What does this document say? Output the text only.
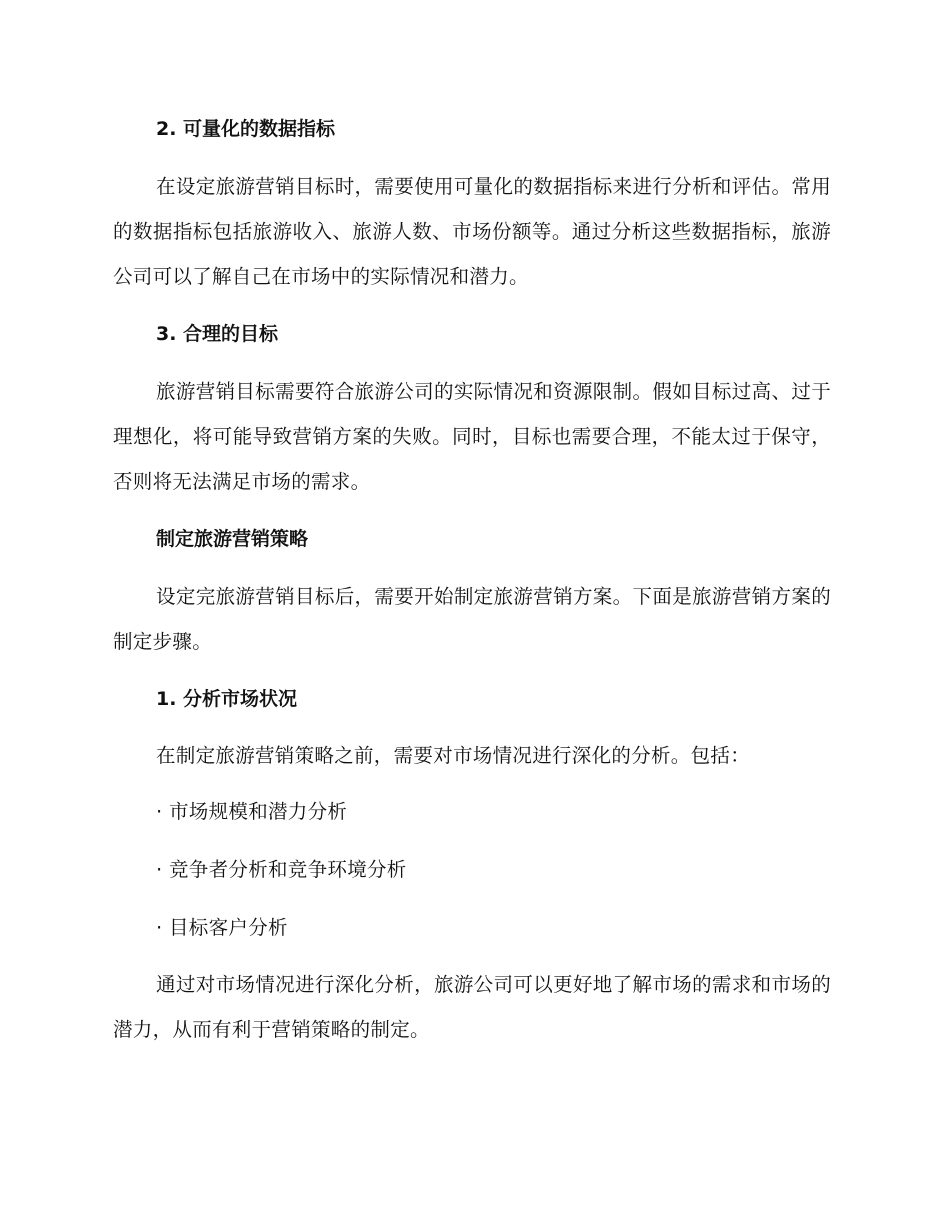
2. 可量化的数据指标

在设定旅游营销目标时，需要使用可量化的数据指标来进行分析和评估。常用的数据指标包括旅游收入、旅游人数、市场份额等。通过分析这些数据指标，旅游公司可以了解自己在市场中的实际情况和潜力。

3. 合理的目标

旅游营销目标需要符合旅游公司的实际情况和资源限制。假如目标过高、过于理想化，将可能导致营销方案的失败。同时，目标也需要合理，不能太过于保守，否则将无法满足市场的需求。

制定旅游营销策略

设定完旅游营销目标后，需要开始制定旅游营销方案。下面是旅游营销方案的制定步骤。

1. 分析市场状况

在制定旅游营销策略之前，需要对市场情况进行深化的分析。包括：

· 市场规模和潜力分析
· 竞争者分析和竞争环境分析
· 目标客户分析

通过对市场情况进行深化分析，旅游公司可以更好地了解市场的需求和市场的潜力，从而有利于营销策略的制定。
